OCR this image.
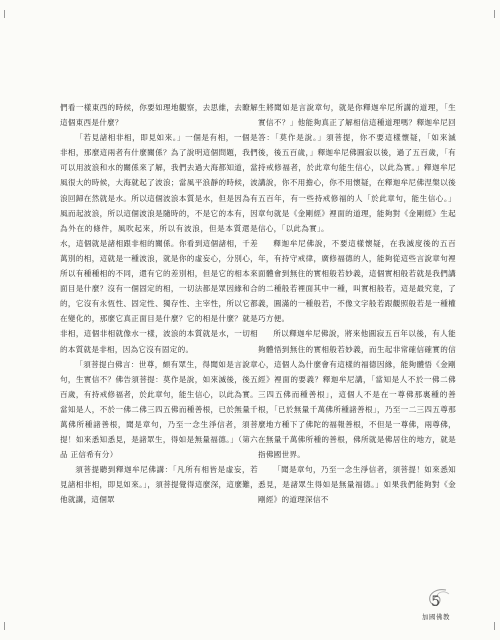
們看一樣東西的時候，你要如理地觀察，去思維，去瞭解這個東西是什麼？

「若見諸相非相，即見如來。」一個是有相，一個是非相，那麼這兩者有什麼關係？為了說明這個問題，我們可以用波浪和水的關係來了解，我們去過大海都知道，當風很大的時候，大海就起了波浪；當風平浪靜的時候，波浪回歸在然就是水。所以這個波浪本質是水，但是因為有風而起波浪，所以這個波浪是隨時的，不是它的本有，因為外在的條件，風吹起來，所以有波浪，但是本質還是水，這個就是諸相跟非相的關係。你看到這個諸相，千差萬別的相，這就是一種波浪，就是你的虛妄心，分別心，所以有種種相的不同，還有它的差別相，但是它的相本來面目是什麼？沒有一個固定的相，一切法都是眾因緣和合的，它沒有永恆性、固定性、獨存性、主宰性，所以它都在變化的，那麼它真正面目是什麼？它的相是什麼？就是非相，這個非相就像水一樣，波浪的本質就是水，一切相的本質就是非相，因為它沒有固定的。

「須菩提白佛言：世尊，頗有眾生，得聞如是言說章句，生實信不？佛告須菩提：莫作是說，如來滅後，後五百歲，有持戒修福者，於此章句，能生信心，以此為實。當知是人，不於一佛二佛三四五佛而種善根，已於無量千萬佛所種諸善根，聞是章句，乃至一念生淨信者，須菩提！如來悉知悉見，是諸眾生，得如是無量福德。」（第六品 正信希有分）

須菩提聽到釋迦牟尼佛講：「凡所有相皆是虛妄，若見諸相非相，即見如來。」，須菩提覺得這麼深，這麼難，他就講，這個眾

生將聞如是言說章句，就是你釋迦牟尼所講的道理，「生實信不？」他能夠真正了解相信這種道理嗎？釋迦牟尼回答：「莫作是說。」須菩提，你不要這樣懷疑，「如來滅後，後五百歲，」釋迦牟尼佛圓寂以後，過了五百歲，「有持戒修福者，於此章句能生信心，以此為實。」釋迦牟尼講說，你不用擔心，你不用懷疑，在釋迦牟尼佛涅槃以後五百年，有一些持戒修福的人「於此章句，能生信心。」章句就是《金剛經》裡面的道理，能夠對《金剛經》生起信心，「以此為實」。

釋迦牟尼佛說，不要這樣懷疑，在我滅度後的五百年，有持守戒律，廣修福德的人，能夠從這些言說章句裡面體會到無住的實相般若妙義，這個實相般若就是我們講的二種般若裡面其中一種，叫實相般若，這是最究竟，了義，圓滿的一種般若，不像文字般若跟觀照般若是一種權巧方便。

所以釋迦牟尼佛說，將來他圓寂五百年以後，有人能夠體悟到無住的實相般若妙義，而生起非常確信確實的信心，這個人為什麼會有這樣的福德因緣，能夠體悟《金剛經》裡面的要義？釋迦牟尼講，「當知是人不於一佛二佛三四五佛而種善根」，這個人不是在一尊佛那裏種的善根，「已於無量千萬佛所種諸善根」，乃至一二三四五尊那麼地方種下了佛陀的福報善根，不但是一尊佛，兩尊佛，在無量千萬佛所種的善根，佛所就是佛居住的地方，就是指佛國世界。

「聞是章句，乃至一念生淨信者，須菩提！如來悉知悉見，是諸眾生得如是無量福德。」如果我們能夠對《金剛經》的道理深信不

5
加國佛教
